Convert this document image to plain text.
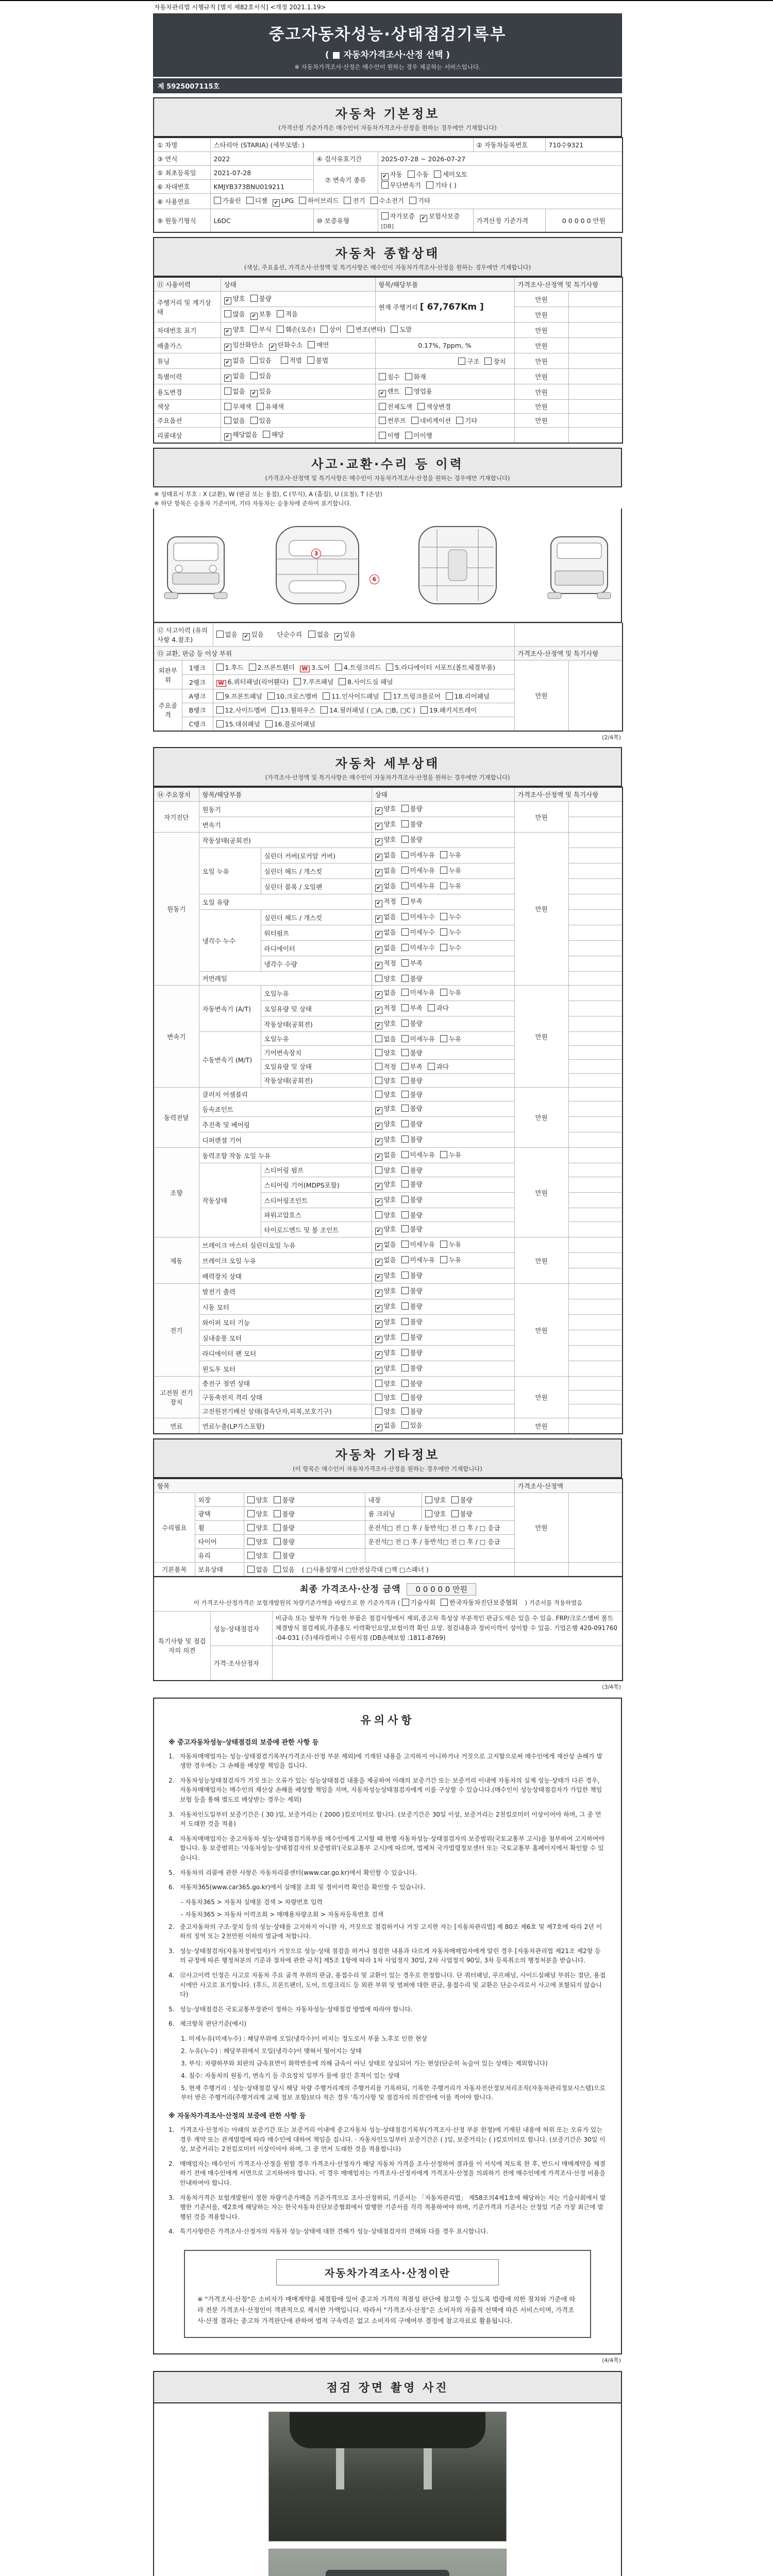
자동차관리법 시행규칙 [별지 제82호서식] <개정 2021.1.19>
중고자동차성능·상태점검기록부
( ■ 자동차가격조사·산정 선택 )
※ 자동차가격조사·산정은 매수인이 원하는 경우 제공하는 서비스입니다.
제 5925007115호
자동차 기본정보
(가격산정 기준가격은 매수인이 자동차가격조사·산정을 원하는 경우에만 기재합니다)
① 차명	스타리아 (STARIA) (세부모델: )			② 자동차등록번호	710수9321
③ 연식	2022	④ 검사유효기간	2025-07-28 ~ 2026-07-27		
⑤ 최초등록일	2021-07-28	⑦ 변속기 종류	✔ 자동 수동 세미오토
무단변속기 기타 ( )		

⑥ 차대번호	KMJYB373BNU019211				
⑧ 사용연료	가솔린 디젤 ✔ LPG 하이브리드 전기 수소전기 기타				
⑨ 원동기형식	L6DC	⑩ 보증유형	자가보증 ✔ 보험사보증[DB]	가격산정 기준가격	0 0 0 0 0 만원
자동차 종합상태
(색상, 주요옵션, 가격조사·산정액 및 특기사항은 매수인이 자동차가격조사·산정을 원하는 경우에만 기재합니다)
⑪ 사용이력	상태	항목/해당부품	가격조사·산정액 및 특기사항	
주행거리 및 계기상태	✔ 양호 불량	현재 주행거리 [ 67,767Km ]	만원	
	많음 ✔ 보통 적음		만원	
차대번호 표기	✔ 양호 부식 훼손(오손) 상이 변조(변타) 도말		만원	
배출가스	✔ 일산화탄소 ✔ 탄화수소 매연	0.17%, 7ppm, %	만원	
튜닝	✔ 없음 있음 적법 불법	구조 장치	만원	
특별이력	✔ 없음 있음	침수 화재	만원	
용도변경	없음 ✔ 있음	✔ 렌트 영업용	만원	
색상	무채색 유채색	전체도색 색상변경	만원	
주요옵션	없음 있음	썬루프 네비게이션 기타	만원	
리콜대상	✔ 해당없음 해당	이행 미이행		
사고·교환·수리 등 이력
(가격조사·산정액 및 특기사항은 매수인이 자동차가격조사·산정을 원하는 경우에만 기재합니다)
※ 상태표시 부호 : X (교환), W (판금 또는 용접), C (부식), A (흠집), U (요철), T (손상)
※ 하단 항목은 승용차 기준이며, 기타 자동차는 승용차에 준하여 표기합니다.
3
6
⑫ 사고이력 (유의사항 4.참조)		없음 ✔ 있음 단순수리 없음 ✔ 있음		
⑬ 교환, 판금 등 이상 부위			가격조사·산정액 및 특기사항	
외판부위	1랭크	1.후드 2.프론트휀더 W 3.도어 4.트렁크리드 5.라디에이터 서포트(볼트체결부품)	만원	
	2랭크	W 6.쿼터패널(리어휀다) 7.루프패널 8.사이드실 패널		
주요골격	A랭크	9.프론트패널 10.크로스멤버 11.인사이드패널 17.트렁크플로어 18.리어패널		
	B랭크	12.사이드멤버 13.휠하우스 14.필러패널 ( □A, □B, □C ) 19.패키지트레이		
	C랭크	15.대쉬패널 16.플로어패널		
(2/4쪽)
자동차 세부상태
(가격조사·산정액 및 특기사항은 매수인이 자동차가격조사·산정을 원하는 경우에만 기재합니다)
⑭ 주요장치	항목/해당부품		상태	가격조사·산정액 및 특기사항	
자기진단	원동기		✔ 양호 불량	만원	
	변속기		✔ 양호 불량		
원동기	작동상태(공회전)		✔ 양호 불량	만원	
	오일 누유	실린더 커버(로커암 커버)	✔ 없음 미세누유 누유		
		실린더 헤드 / 개스킷	✔ 없음 미세누유 누유		
		실린더 블록 / 오일팬	✔ 없음 미세누유 누유		
	오일 유량		✔ 적정 부족		
	냉각수 누수	실린더 헤드 / 개스킷	✔ 없음 미세누수 누수		
		워터펌프	✔ 없음 미세누수 누수		
		라디에이터	✔ 없음 미세누수 누수		
		냉각수 수량	✔ 적정 부족		
	커먼레일		양호 불량		
변속기	자동변속기 (A/T)	오일누유	✔ 없음 미세누유 누유	만원	
		오일유량 및 상태	✔ 적정 부족 과다		
		작동상태(공회전)	✔ 양호 불량		
	수동변속기 (M/T)	오일누유	없음 미세누유 누유		
		기어변속장치	양호 불량		
		오일유량 및 상태	적정 부족 과다		
		작동상태(공회전)	양호 불량		
동력전달	클러치 어셈블리		양호 불량	만원	
	등속죠인트		✔ 양호 불량		
	추진축 및 베어링		✔ 양호 불량		
	디퍼렌셜 기어		✔ 양호 불량		
조향	동력조향 작동 오일 누유		✔ 없음 미세누유 누유	만원	
	작동상태	스티어링 펌프	양호 불량		
		스티어링 기어(MDPS포함)	✔ 양호 불량		
		스티어링조인트	✔ 양호 불량		
		파워고압호스	양호 불량		
		타이로드엔드 및 볼 조인트	✔ 양호 불량		
제동	브레이크 마스터 실린더오일 누유		✔ 없음 미세누유 누유	만원	
	브레이크 오일 누유		✔ 없음 미세누유 누유		
	배력장치 상태		✔ 양호 불량		
전기	발전기 출력		✔ 양호 불량	만원	
	시동 모터		✔ 양호 불량		
	와이퍼 모터 기능		✔ 양호 불량		
	실내송풍 모터		✔ 양호 불량		
	라디에이터 팬 모터		✔ 양호 불량		
	윈도우 모터		✔ 양호 불량		
고전원 전기장치	충전구 절연 상태		양호 불량	만원	
	구동축전지 격리 상태		양호 불량		
	고전원전기배선 상태(접속단자,피복,보호기구)		양호 불량		
연료	연료누출(LP가스포함)		✔ 없음 있음	만원	
자동차 기타정보
(이 항목은 매수인이 자동차가격조사·산정을 원하는 경우에만 기재합니다)
항목					가격조사·산정액	
수리필요	외장	양호 불량	내장	양호 불량	만원	
	광택	양호 불량	룸 크리닝	양호 불량		
	휠	양호 불량	운전석□ 전 □ 후 / 동반석□ 전 □ 후 / □ 응급			
	타이어	양호 불량	운전석□ 전 □ 후 / 동반석□ 전 □ 후 / □ 응급			
	유리	양호 불량				
기본품목	보유상태	없음 있음 ( □사용설명서 □안전삼각대 □잭 □스패너 )				
최종 가격조사·산정 금액 0 0 0 0 0 만원
이 가격조사·산정가격은 보험개발원의 차량기준가액을 바탕으로 한 기준가격과 ( 기술사회 한국자동차진단보증협회 ) 기준서를 적용하였음		

특기사항 및 점검자의 의견	성능·상태점검자	비금속 또는 탈부착 가능한 부품은 점검사항에서 제외,중고차 특성상 부분적인 판금도색은 있을 수 있음. FRP/크로스멤버 볼트체결방식 점검제외,각종용도 이력확인요망,보험이력 확인 요망. 점검내용과 정비이력이 상이할 수 있음. 기업은행 420-091760-04-031 (주)새라컴퍼니 수원지점 (DB손해보험 :1811-8769)
	가격·조사산정자	
(3/4쪽)
유의사항
※ 중고자동차성능·상태점검의 보증에 관한 사항 등
1. 자동차매매업자는 성능·상태점검기록부(가격조사·산정 부분 제외)에 기재된 내용을 고지하지 아니하거나 거짓으로 고지함으로써 매수인에게 재산상 손해가 발생한 경우에는 그 손해를 배상할 책임을 집니다.
2. 자동차성능상태점검자가 거짓 또는 오류가 있는 성능상태점검 내용을 제공하여 아래의 보증기간 또는 보증거리 이내에 자동차의 실제 성능·상태가 다른 경우, 자동차매매업자는 매수인의 재산상 손해를 배상할 책임을 지며, 자동차성능상태점검자에게 이를 구상할 수 있습니다.(매수인이 성능상태점검자가 가입한 책임보험 등을 통해 별도로 배상받는 경우는 제외)
3. 자동차인도일부터 보증기간은 ( 30 )일, 보증거리는 ( 2000 )킬로미터로 합니다. (보증기간은 30일 이상, 보증거리는 2천킬로미터 이상이어야 하며, 그 중 먼저 도래한 것을 적용)
4. 자동차매매업자는 중고자동차 성능·상태점검기록부를 매수인에게 고지할 때 현행 자동차성능·상태점검자의 보증범위(국토교통부 고시)를 첨부하여 고지하여야 합니다. 동 보증범위는 '자동차성능·상태점검자의 보증범위'(국토교통부 고시)에 따르며, 법제처 국가법령정보센터 또는 국토교통부 홈페이지에서 확인할 수 있습니다.
5. 자동차의 리콜에 관한 사항은 자동차리콜센터(www.car.go.kr)에서 확인할 수 있습니다.
6. 자동차365(www.car365.go.kr)에서 실매물 조회 및 정비이력 확인을 확인할 수 있습니다.
- 자동차365 > 자동차 실매물 검색 > 차량번호 입력
- 자동차365 > 자동차 이력조회 > 매매용차량조회 > 자동차등록번호 검색
2. 중고자동차의 구조·장치 등의 성능·상태를 고지하지 아니한 자, 거짓으로 점검하거나 거짓 고지한 자는 [자동차관리법] 제 80조 제6호 및 제7호에 따라 2년 이하의 징역 또는 2천만원 이하의 벌금에 처합니다.
3. 성능·상태점검자(자동차정비업자)가 거짓으로 성능·상태 점검을 하거나 점검한 내용과 다르게 자동차매매업자에게 알린 경우 [자동차관리법 제21조 제2항 등의 규정에 따른 행정처분의 기준과 절차에 관한 규칙] 제5조 1항에 따라 1차 사업정지 30일, 2차 사업정지 90일, 3차 등록취소의 행정처분을 받습니다.
4. ⑫사고이력 인정은 사고로 자동차 주요 골격 부위의 판금, 용접수리 및 교환이 있는 경우로 한정합니다. 단 쿼터패널, 루프패널, 사이드실패널 부위는 절단, 용접 시에만 사고로 표기합니다. (후드, 프론트펜더, 도어, 트렁크리드 등 외판 부위 및 범퍼에 대한 판금, 용접수리 및 교환은 단순수리로서 사고에 포함되지 않습니다)
5. 성능·상태점검은 국토교통부장관이 정하는 자동차성능·상태점검 방법에 따라야 합니다.
6. 체크항목 판단기준(예시)
1. 미세누유(미세누수) : 해당부위에 오일(냉각수)이 비치는 정도로서 부품 노후로 인한 현상
2. 누유(누수) : 해당부위에서 오일(냉각수)이 맺혀서 떨어지는 상태
3. 부식: 차량하부와 외판의 금속표면이 화학반응에 의해 금속이 아닌 상태로 상실되어 가는 현상(단순히 녹슬어 있는 상태는 제외합니다)
4. 침수: 자동차의 원동기, 변속기 등 주요장치 일부가 물에 잠긴 흔적이 있는 상태
5. 현재 주행거리 : 성능·상태점검 당시 해당 차량 주행거리계의 주행거리를 기록하되, 기록한 주행거리가 자동차전산정보처리조직(자동차관리정보시스템)으로부터 받은 주행거리(주행거리계 교체 정보 포함)보다 적은 경우 '특기사항 및 점검자의 의견'란에 이를 적어야 합니다.
※ 자동차가격조사·산정의 보증에 관한 사항 등
1. 가격조사·산정자는 아래의 보증기간 또는 보증거리 이내에 중고자동차 성능·상태점검기록부(가격조사·산정 부분 한정)에 기재된 내용에 허위 또는 오류가 있는 경우 계약 또는 관계법령에 따라 매수인에 대하여 책임을 집니다. · 자동차인도일부터 보증기간은 ( )일, 보증거리는 ( )킬로미터로 합니다. (보증기간은 30일 이상, 보증거리는 2천킬로미터 이상이어야 하며, 그 중 먼저 도래한 것을 적용합니다)
2. 매매업자는 매수인이 가격조사·산정을 원할 경우 가격조사·산정자가 해당 자동차 가격을 조사·산정하여 결과를 이 서식에 적도록 한 후, 반드시 매매계약을 체결하기 전에 매수인에게 서면으로 고지하여야 합니다. 이 경우 매매업자는 가격조사·산정자에게 가격조사·산정을 의뢰하기 전에 매수인에게 가격조사·산정 비용을 안내하여야 합니다.
3. 자동차가격은 보험개발원이 정한 차량기준가액을 기준가격으로 조사·산정하되, 기준서는 「자동차관리법」 제58조의4제1호에 해당하는 자는 기술사회에서 발행한 기준서를, 제2호에 해당하는 자는 한국자동차진단보증협회에서 발행한 기준서를 각각 적용하여야 하며, 기준가격과 기준서는 산정일 기준 가장 최근에 발행된 것을 적용합니다.
4. 특기사항란은 가격조사·산정자의 자동차 성능·상태에 대한 견해가 성능·상태점검자의 견해와 다를 경우 표시합니다.
자동차가격조사·산정이란
※ "가격조사·산정"은 소비자가 매매계약을 체결함에 있어 중고차 가격의 적절성 판단에 참고할 수 있도록 법령에 의한 절차와 기준에 따라 전문 가격조사·산정인이 객관적으로 제시한 가액입니다. 따라서 "가격조사·산정"은 소비자의 자율적 선택에 따른 서비스이며, 가격조사·산정 결과는 중고차 가격판단에 관하여 법적 구속력은 없고 소비자의 구매여부 결정에 참고자료로 활용됩니다.
(4/4쪽)
점검 장면 촬영 사진
